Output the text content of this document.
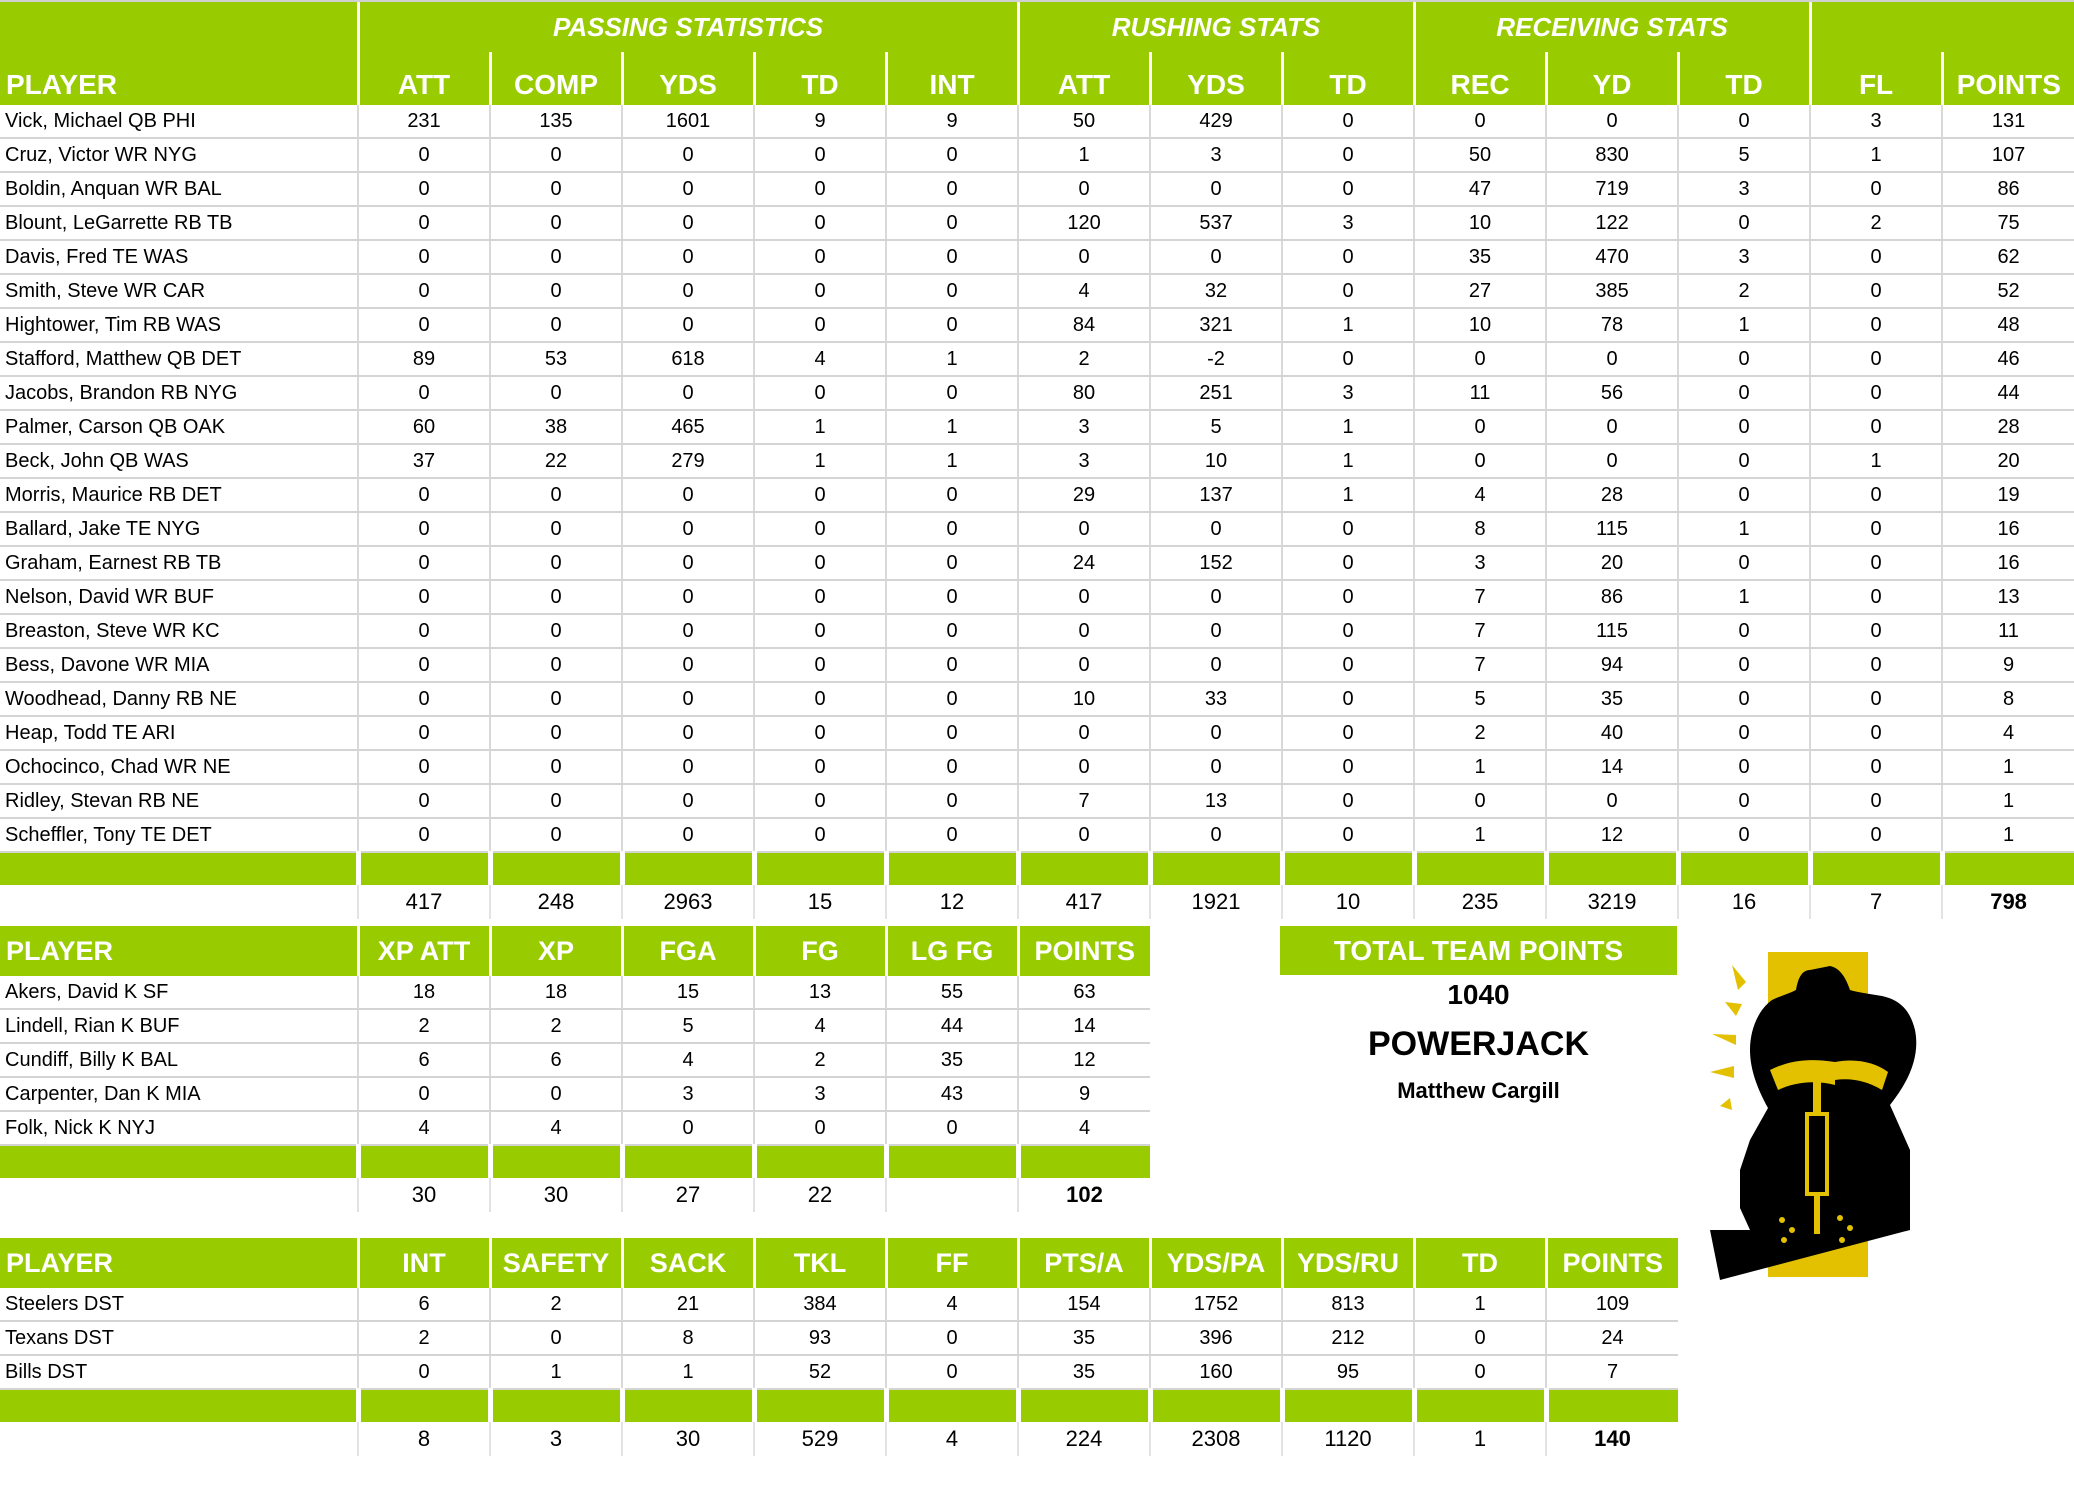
	PASSING STATISTICS					RUSHING STATS			RECEIVING STATS				
PLAYER	ATT	COMP	YDS	TD	INT	ATT	YDS	TD	REC	YD	TD	FL	POINTS
Vick, Michael QB PHI	231	135	1601	9	9	50	429	0	0	0	0	3	131
Cruz, Victor WR NYG	0	0	0	0	0	1	3	0	50	830	5	1	107
Boldin, Anquan WR BAL	0	0	0	0	0	0	0	0	47	719	3	0	86
Blount, LeGarrette RB TB	0	0	0	0	0	120	537	3	10	122	0	2	75
Davis, Fred TE WAS	0	0	0	0	0	0	0	0	35	470	3	0	62
Smith, Steve WR CAR	0	0	0	0	0	4	32	0	27	385	2	0	52
Hightower, Tim RB WAS	0	0	0	0	0	84	321	1	10	78	1	0	48
Stafford, Matthew QB DET	89	53	618	4	1	2	-2	0	0	0	0	0	46
Jacobs, Brandon RB NYG	0	0	0	0	0	80	251	3	11	56	0	0	44
Palmer, Carson QB OAK	60	38	465	1	1	3	5	1	0	0	0	0	28
Beck, John QB WAS	37	22	279	1	1	3	10	1	0	0	0	1	20
Morris, Maurice RB DET	0	0	0	0	0	29	137	1	4	28	0	0	19
Ballard, Jake TE NYG	0	0	0	0	0	0	0	0	8	115	1	0	16
Graham, Earnest RB TB	0	0	0	0	0	24	152	0	3	20	0	0	16
Nelson, David WR BUF	0	0	0	0	0	0	0	0	7	86	1	0	13
Breaston, Steve WR KC	0	0	0	0	0	0	0	0	7	115	0	0	11
Bess, Davone WR MIA	0	0	0	0	0	0	0	0	7	94	0	0	9
Woodhead, Danny RB NE	0	0	0	0	0	10	33	0	5	35	0	0	8
Heap, Todd TE ARI	0	0	0	0	0	0	0	0	2	40	0	0	4
Ochocinco, Chad WR NE	0	0	0	0	0	0	0	0	1	14	0	0	1
Ridley, Stevan RB NE	0	0	0	0	0	7	13	0	0	0	0	0	1
Scheffler, Tony TE DET	0	0	0	0	0	0	0	0	1	12	0	0	1

	417	248	2963	15	12	417	1921	10	235	3219	16	7	798
PLAYER	XP ATT	XP	FGA	FG	LG FG	POINTS
Akers, David K SF	18	18	15	13	55	63
Lindell, Rian K BUF	2	2	5	4	44	14
Cundiff, Billy K BAL	6	6	4	2	35	12
Carpenter, Dan K MIA	0	0	3	3	43	9
Folk, Nick K NYJ	4	4	0	0	0	4

	30	30	27	22		102
TOTAL TEAM POINTS
1040
POWERJACK
Matthew Cargill
PLAYER	INT	SAFETY	SACK	TKL	FF	PTS/A	YDS/PA	YDS/RU	TD	POINTS
Steelers DST	6	2	21	384	4	154	1752	813	1	109
Texans DST	2	0	8	93	0	35	396	212	0	24
Bills DST	0	1	1	52	0	35	160	95	0	7

	8	3	30	529	4	224	2308	1120	1	140
